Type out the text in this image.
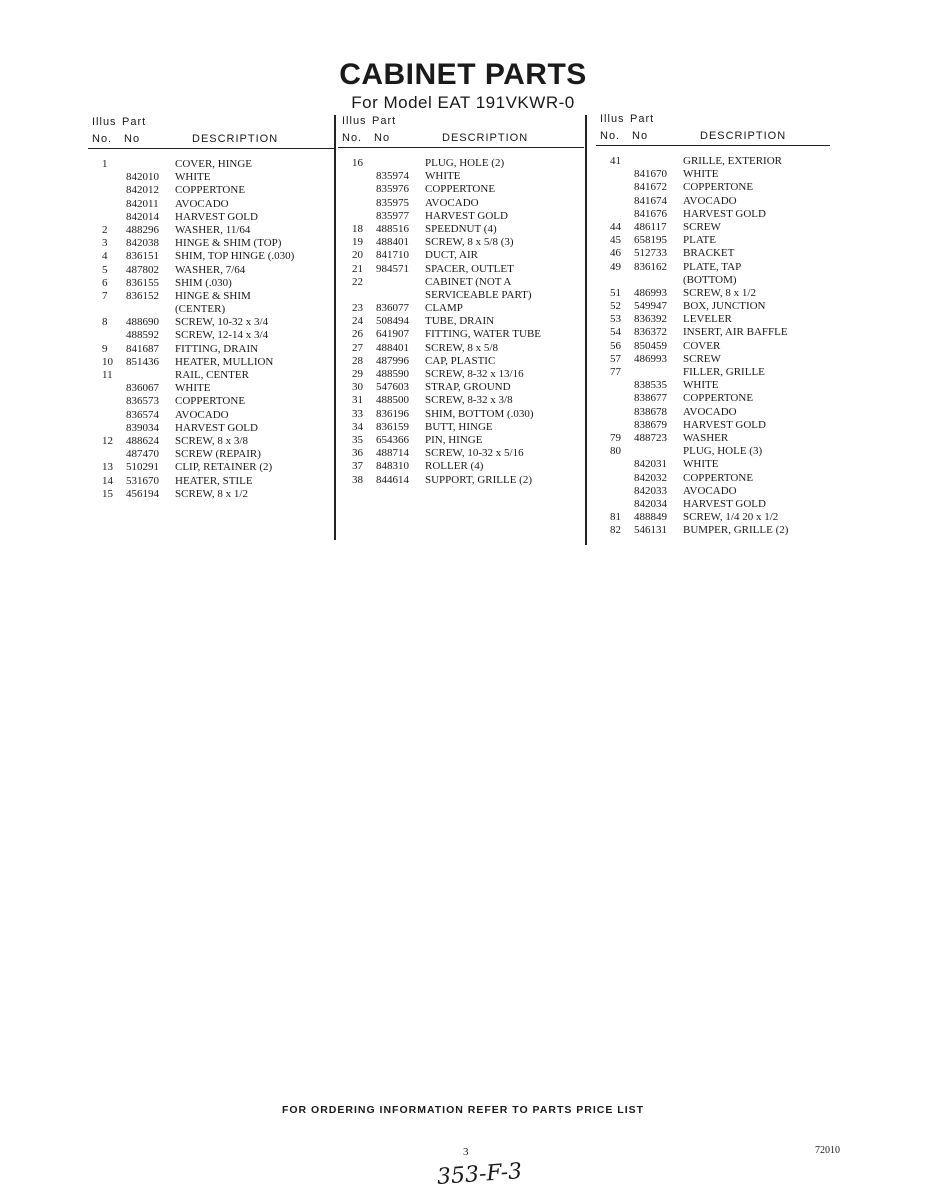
CABINET PARTS
For Model EAT 191VKWR-0
Illus
No.
Part
No	DESCRIPTION
1	COVER, HINGE
842010 WHITE
842012 COPPERTONE
842011 AVOCADO
842014 HARVEST GOLD
2 488296 WASHER, 11/64
3 842038 HINGE & SHIM (TOP)
4 836151 SHIM, TOP HINGE (.030)
5 487802 WASHER, 7/64
6 836155 SHIM (.030)
7 836152 HINGE & SHIM
(CENTER)
8 488690 SCREW, 10-32 x 3/4
488592 SCREW, 12-14 x 3/4
9 841687 FITTING, DRAIN
10 851436 HEATER, MULLION
11	RAIL, CENTER
836067 WHITE
836573 COPPERTONE
836574 AVOCADO
839034 HARVEST GOLD
12 488624 SCREW, 8 x 3/8
487470 SCREW (REPAIR)
13 510291 CLIP, RETAINER (2)
14 531670 HEATER, STILE
15 456194 SCREW, 8 x 1/2
Illus
No.
Part
No	DESCRIPTION
16	PLUG, HOLE (2)
835974 WHITE
835976 COPPERTONE
835975 AVOCADO
835977 HARVEST GOLD
18 488516 SPEEDNUT (4)
19 488401 SCREW, 8 x 5/8 (3)
20 841710 DUCT, AIR
21 984571 SPACER, OUTLET
22	CABINET (NOT A
SERVICEABLE PART)
23 836077 CLAMP
24 508494 TUBE, DRAIN
26 641907 FITTING, WATER TUBE
27 488401 SCREW, 8 x 5/8
28 487996 CAP, PLASTIC
29 488590 SCREW, 8-32 x 13/16
30 547603 STRAP, GROUND
31 488500 SCREW, 8-32 x 3/8
33 836196 SHIM, BOTTOM (.030)
34 836159 BUTT, HINGE
35 654366 PIN, HINGE
36 488714 SCREW, 10-32 x 5/16
37 848310 ROLLER (4)
38 844614 SUPPORT, GRILLE (2)
Illus
No.
Part
No	DESCRIPTION
41	GRILLE, EXTERIOR
841670 WHITE
841672 COPPERTONE
841674 AVOCADO
841676 HARVEST GOLD
44 486117 SCREW
45 658195 PLATE
46 512733 BRACKET
49 836162 PLATE, TAP
(BOTTOM)
51 486993 SCREW, 8 x 1/2
52 549947 BOX, JUNCTION
53 836392 LEVELER
54 836372 INSERT, AIR BAFFLE
56 850459 COVER
57 486993 SCREW
77	FILLER, GRILLE
838535 WHITE
838677 COPPERTONE
838678 AVOCADO
838679 HARVEST GOLD
79 488723 WASHER
80	PLUG, HOLE (3)
842031 WHITE
842032 COPPERTONE
842033 AVOCADO
842034 HARVEST GOLD
81 488849 SCREW, 1/4 20 x 1/2
82 546131 BUMPER, GRILLE (2)
FOR ORDERING INFORMATION REFER TO PARTS PRICE LIST
3	72010
353-F-3
